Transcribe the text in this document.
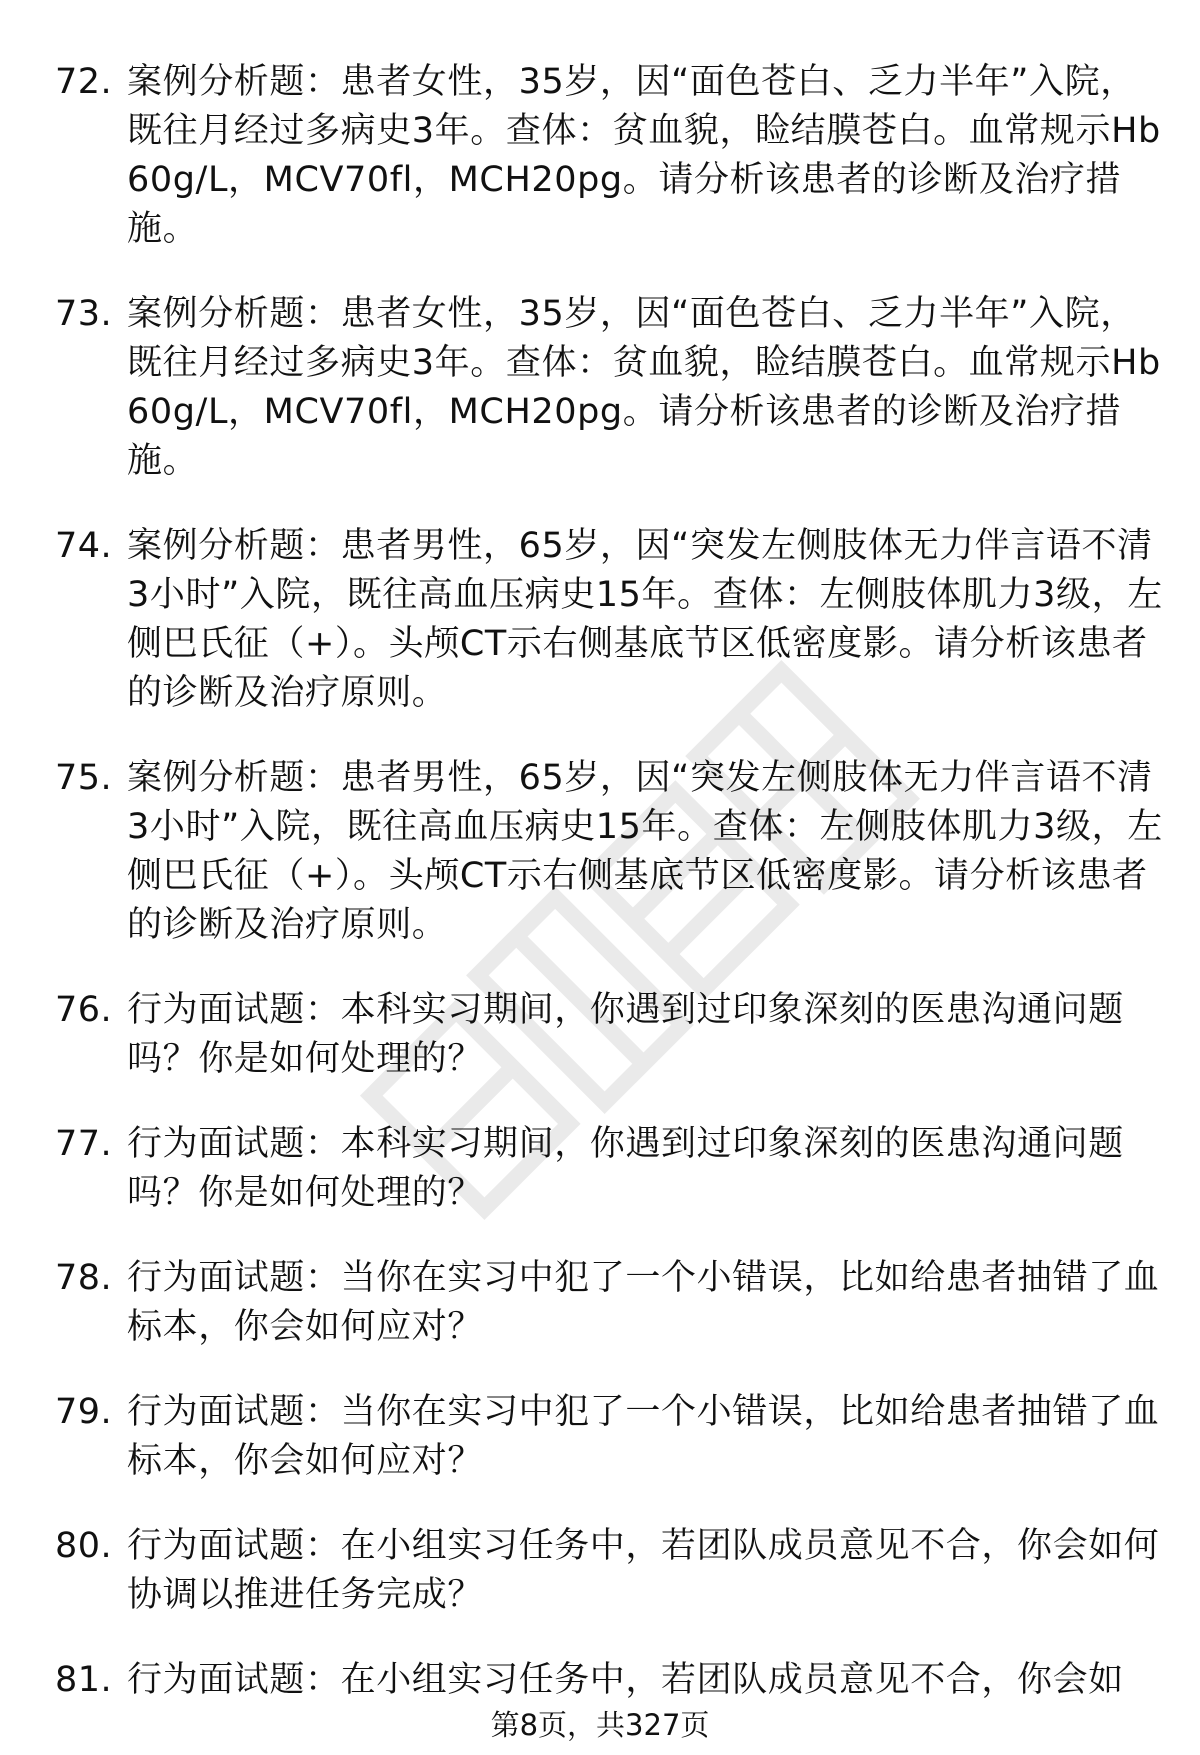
72. 案例分析题：患者女性，35岁，因“面色苍白、乏力半年”入院，既往月经过多病史3年。查体：贫血貌，睑结膜苍白。血常规示Hb60g/L，MCV70fl，MCH20pg。请分析该患者的诊断及治疗措施。
73. 案例分析题：患者女性，35岁，因“面色苍白、乏力半年”入院，既往月经过多病史3年。查体：贫血貌，睑结膜苍白。血常规示Hb60g/L，MCV70fl，MCH20pg。请分析该患者的诊断及治疗措施。
74. 案例分析题：患者男性，65岁，因“突发左侧肢体无力伴言语不清3小时”入院，既往高血压病史15年。查体：左侧肢体肌力3级，左侧巴氏征（+）。头颅CT示右侧基底节区低密度影。请分析该患者的诊断及治疗原则。
75. 案例分析题：患者男性，65岁，因“突发左侧肢体无力伴言语不清3小时”入院，既往高血压病史15年。查体：左侧肢体肌力3级，左侧巴氏征（+）。头颅CT示右侧基底节区低密度影。请分析该患者的诊断及治疗原则。
76. 行为面试题：本科实习期间，你遇到过印象深刻的医患沟通问题吗？你是如何处理的？
77. 行为面试题：本科实习期间，你遇到过印象深刻的医患沟通问题吗？你是如何处理的？
78. 行为面试题：当你在实习中犯了一个小错误，比如给患者抽错了血标本，你会如何应对？
79. 行为面试题：当你在实习中犯了一个小错误，比如给患者抽错了血标本，你会如何应对？
80. 行为面试题：在小组实习任务中，若团队成员意见不合，你会如何协调以推进任务完成？
81. 行为面试题：在小组实习任务中，若团队成员意见不合，你会如
第8页，共327页
